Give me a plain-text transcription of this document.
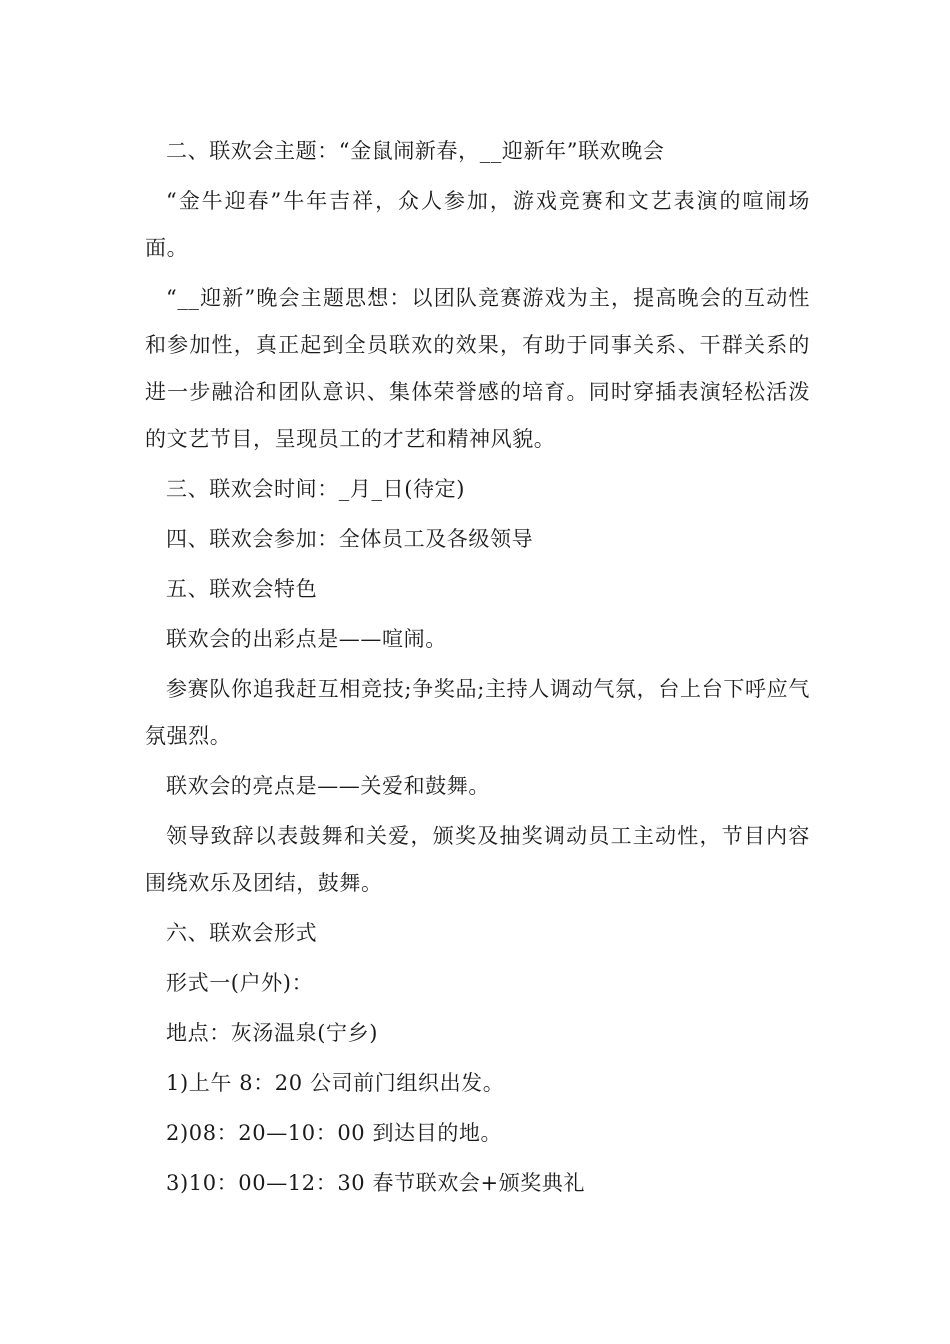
二、联欢会主题：“金鼠闹新春，__迎新年”联欢晚会

“金牛迎春”牛年吉祥，众人参加，游戏竞赛和文艺表演的喧闹场面。

“__迎新”晚会主题思想：以团队竞赛游戏为主，提高晚会的互动性和参加性，真正起到全员联欢的效果，有助于同事关系、干群关系的进一步融洽和团队意识、集体荣誉感的培育。同时穿插表演轻松活泼的文艺节目，呈现员工的才艺和精神风貌。

三、联欢会时间：_月_日(待定)

四、联欢会参加：全体员工及各级领导

五、联欢会特色

联欢会的出彩点是——喧闹。

参赛队你追我赶互相竞技;争奖品;主持人调动气氛，台上台下呼应气氛强烈。

联欢会的亮点是——关爱和鼓舞。

领导致辞以表鼓舞和关爱，颁奖及抽奖调动员工主动性，节目内容围绕欢乐及团结，鼓舞。

六、联欢会形式

形式一(户外)：

地点：灰汤温泉(宁乡)

1)上午 8：20 公司前门组织出发。

2)08：20—10：00 到达目的地。

3)10：00—12：30 春节联欢会+颁奖典礼
